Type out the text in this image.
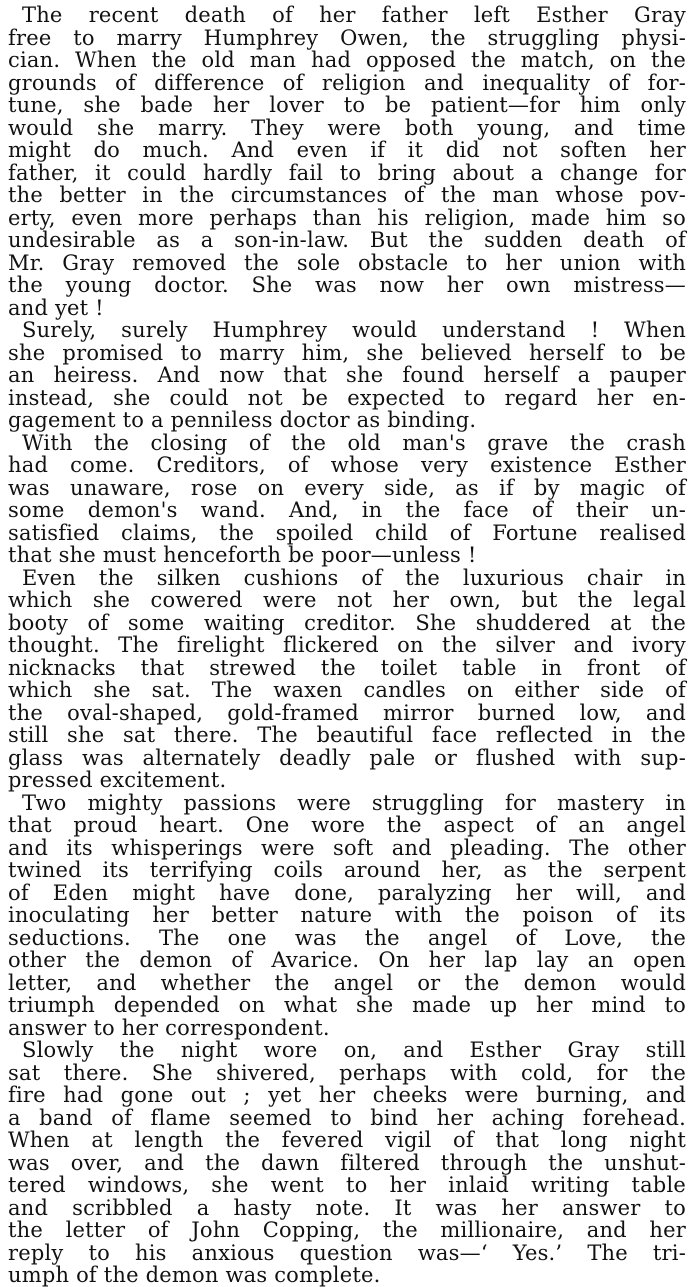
The recent death of her father left Esther Gray
free to marry Humphrey Owen, the struggling physi-
cian. When the old man had opposed the match, on the
grounds of difference of religion and inequality of for-
tune, she bade her lover to be patient—for him only
would she marry. They were both young, and time
might do much. And even if it did not soften her
father, it could hardly fail to bring about a change for
the better in the circumstances of the man whose pov-
erty, even more perhaps than his religion, made him so
undesirable as a son-in-law. But the sudden death of
Mr. Gray removed the sole obstacle to her union with
the young doctor. She was now her own mistress—
and yet !
Surely, surely Humphrey would understand ! When
she promised to marry him, she believed herself to be
an heiress. And now that she found herself a pauper
instead, she could not be expected to regard her en-
gagement to a penniless doctor as binding.
With the closing of the old man's grave the crash
had come. Creditors, of whose very existence Esther
was unaware, rose on every side, as if by magic of
some demon's wand. And, in the face of their un-
satisfied claims, the spoiled child of Fortune realised
that she must henceforth be poor—unless !
Even the silken cushions of the luxurious chair in
which she cowered were not her own, but the legal
booty of some waiting creditor. She shuddered at the
thought. The firelight flickered on the silver and ivory
nicknacks that strewed the toilet table in front of
which she sat. The waxen candles on either side of
the oval-shaped, gold-framed mirror burned low, and
still she sat there. The beautiful face reflected in the
glass was alternately deadly pale or flushed with sup-
pressed excitement.
Two mighty passions were struggling for mastery in
that proud heart. One wore the aspect of an angel
and its whisperings were soft and pleading. The other
twined its terrifying coils around her, as the serpent
of Eden might have done, paralyzing her will, and
inoculating her better nature with the poison of its
seductions. The one was the angel of Love, the
other the demon of Avarice. On her lap lay an open
letter, and whether the angel or the demon would
triumph depended on what she made up her mind to
answer to her correspondent.
Slowly the night wore on, and Esther Gray still
sat there. She shivered, perhaps with cold, for the
fire had gone out ; yet her cheeks were burning, and
a band of flame seemed to bind her aching forehead.
When at length the fevered vigil of that long night
was over, and the dawn filtered through the unshut-
tered windows, she went to her inlaid writing table
and scribbled a hasty note. It was her answer to
the letter of John Copping, the millionaire, and her
reply to his anxious question was—‘ Yes.’ The tri-
umph of the demon was complete.
